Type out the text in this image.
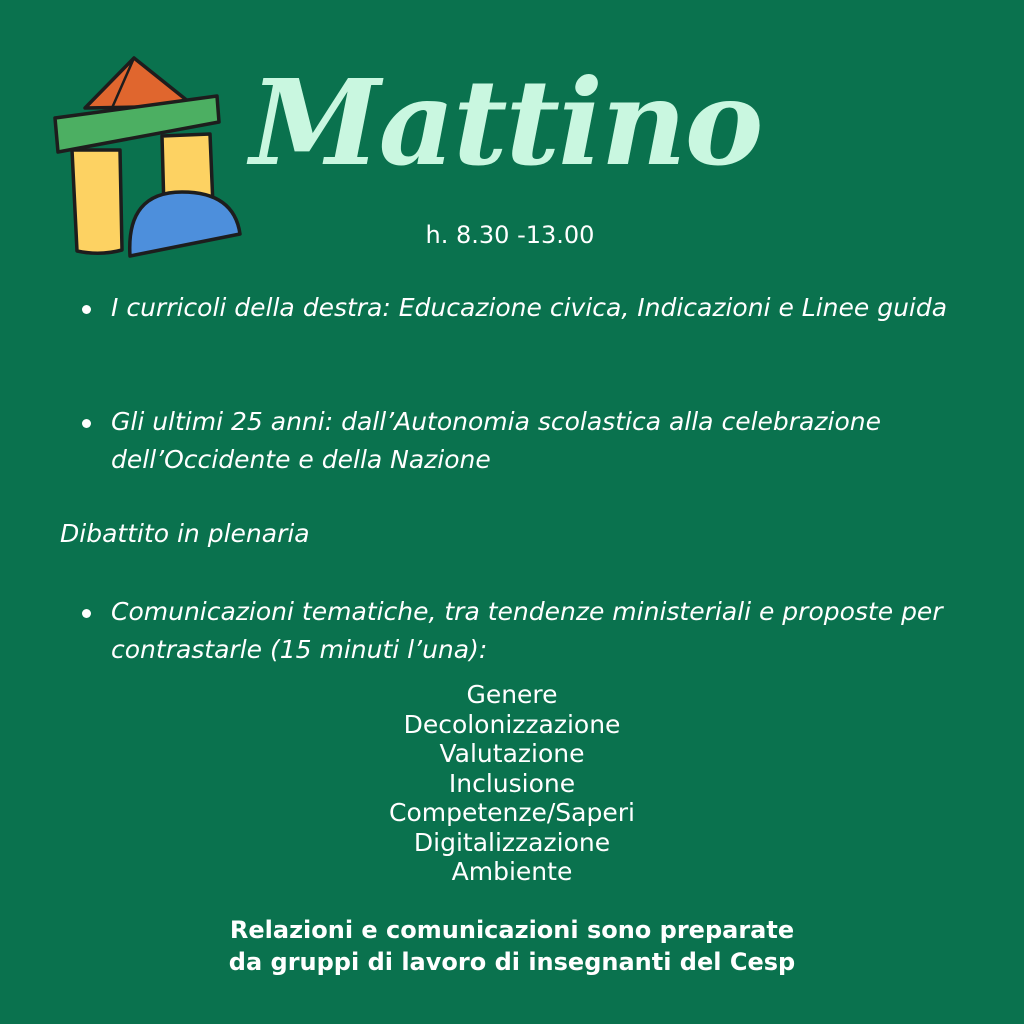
Mattino
h. 8.30 -13.00
I curricoli della destra: Educazione civica, Indicazioni e Linee guida
Gli ultimi 25 anni: dall’Autonomia scolastica alla celebrazione dell’Occidente e della Nazione
Dibattito in plenaria
Comunicazioni tematiche, tra tendenze ministeriali e proposte per contrastarle (15 minuti l’una):
Genere
Decolonizzazione
Valutazione
Inclusione
Competenze/Saperi
Digitalizzazione
Ambiente
Relazioni e comunicazioni sono preparate
da gruppi di lavoro di insegnanti del Cesp
